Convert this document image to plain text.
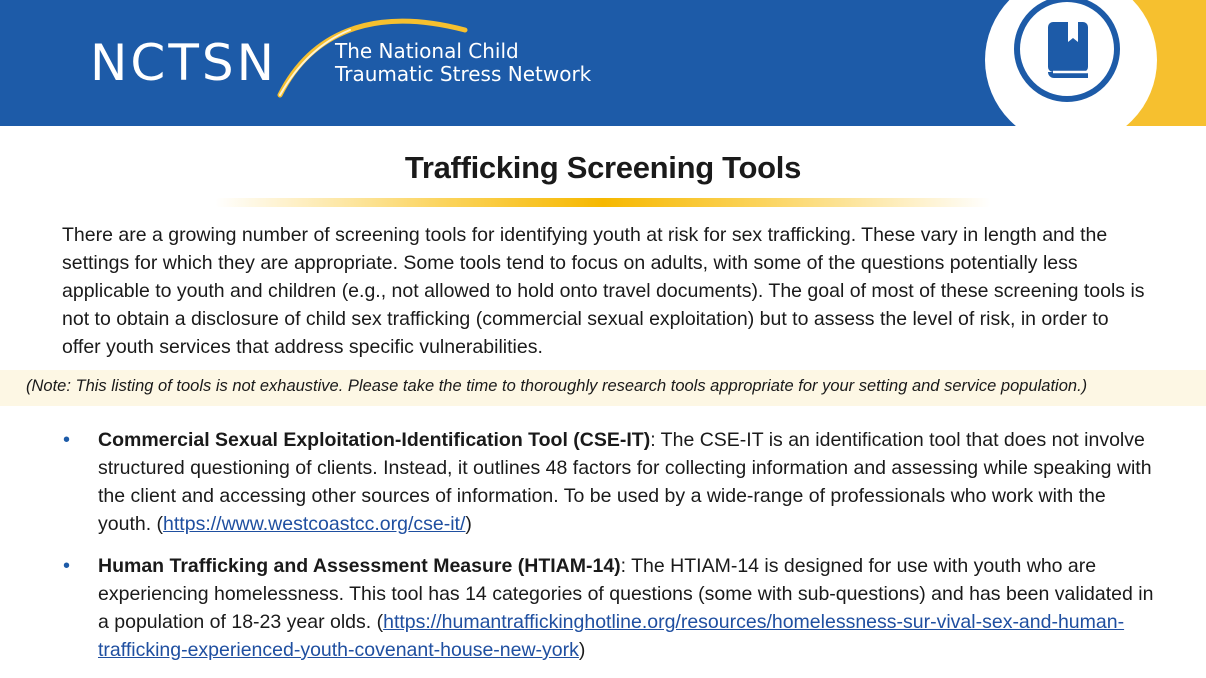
NCTSN	The National Child
Traumatic Stress Network
Trafficking Screening Tools
There are a growing number of screening tools for identifying youth at risk for sex trafficking. These vary in length and the settings for which they are appropriate. Some tools tend to focus on adults, with some of the questions potentially less applicable to youth and children (e.g., not allowed to hold onto travel documents). The goal of most of these screening tools is not to obtain a disclosure of child sex trafficking (commercial sexual exploitation) but to assess the level of risk, in order to offer youth services that address specific vulnerabilities.
(Note: This listing of tools is not exhaustive. Please take the time to thoroughly research tools appropriate for your setting and service population.)
• Commercial Sexual Exploitation-Identification Tool (CSE-IT): The CSE-IT is an identification tool that does not involve structured questioning of clients. Instead, it outlines 48 factors for collecting information and assessing while speaking with the client and accessing other sources of information. To be used by a wide-range of professionals who work with the youth. (https://www.westcoastcc.org/cse-it/)
• Human Trafficking and Assessment Measure (HTIAM-14): The HTIAM-14 is designed for use with youth who are experiencing homelessness. This tool has 14 categories of questions (some with sub-questions) and has been validated in a population of 18-23 year olds. (https://humantraffickinghotline.org/resources/homelessness-sur-vival-sex-and-human-trafficking-experienced-youth-covenant-house-new-york)
